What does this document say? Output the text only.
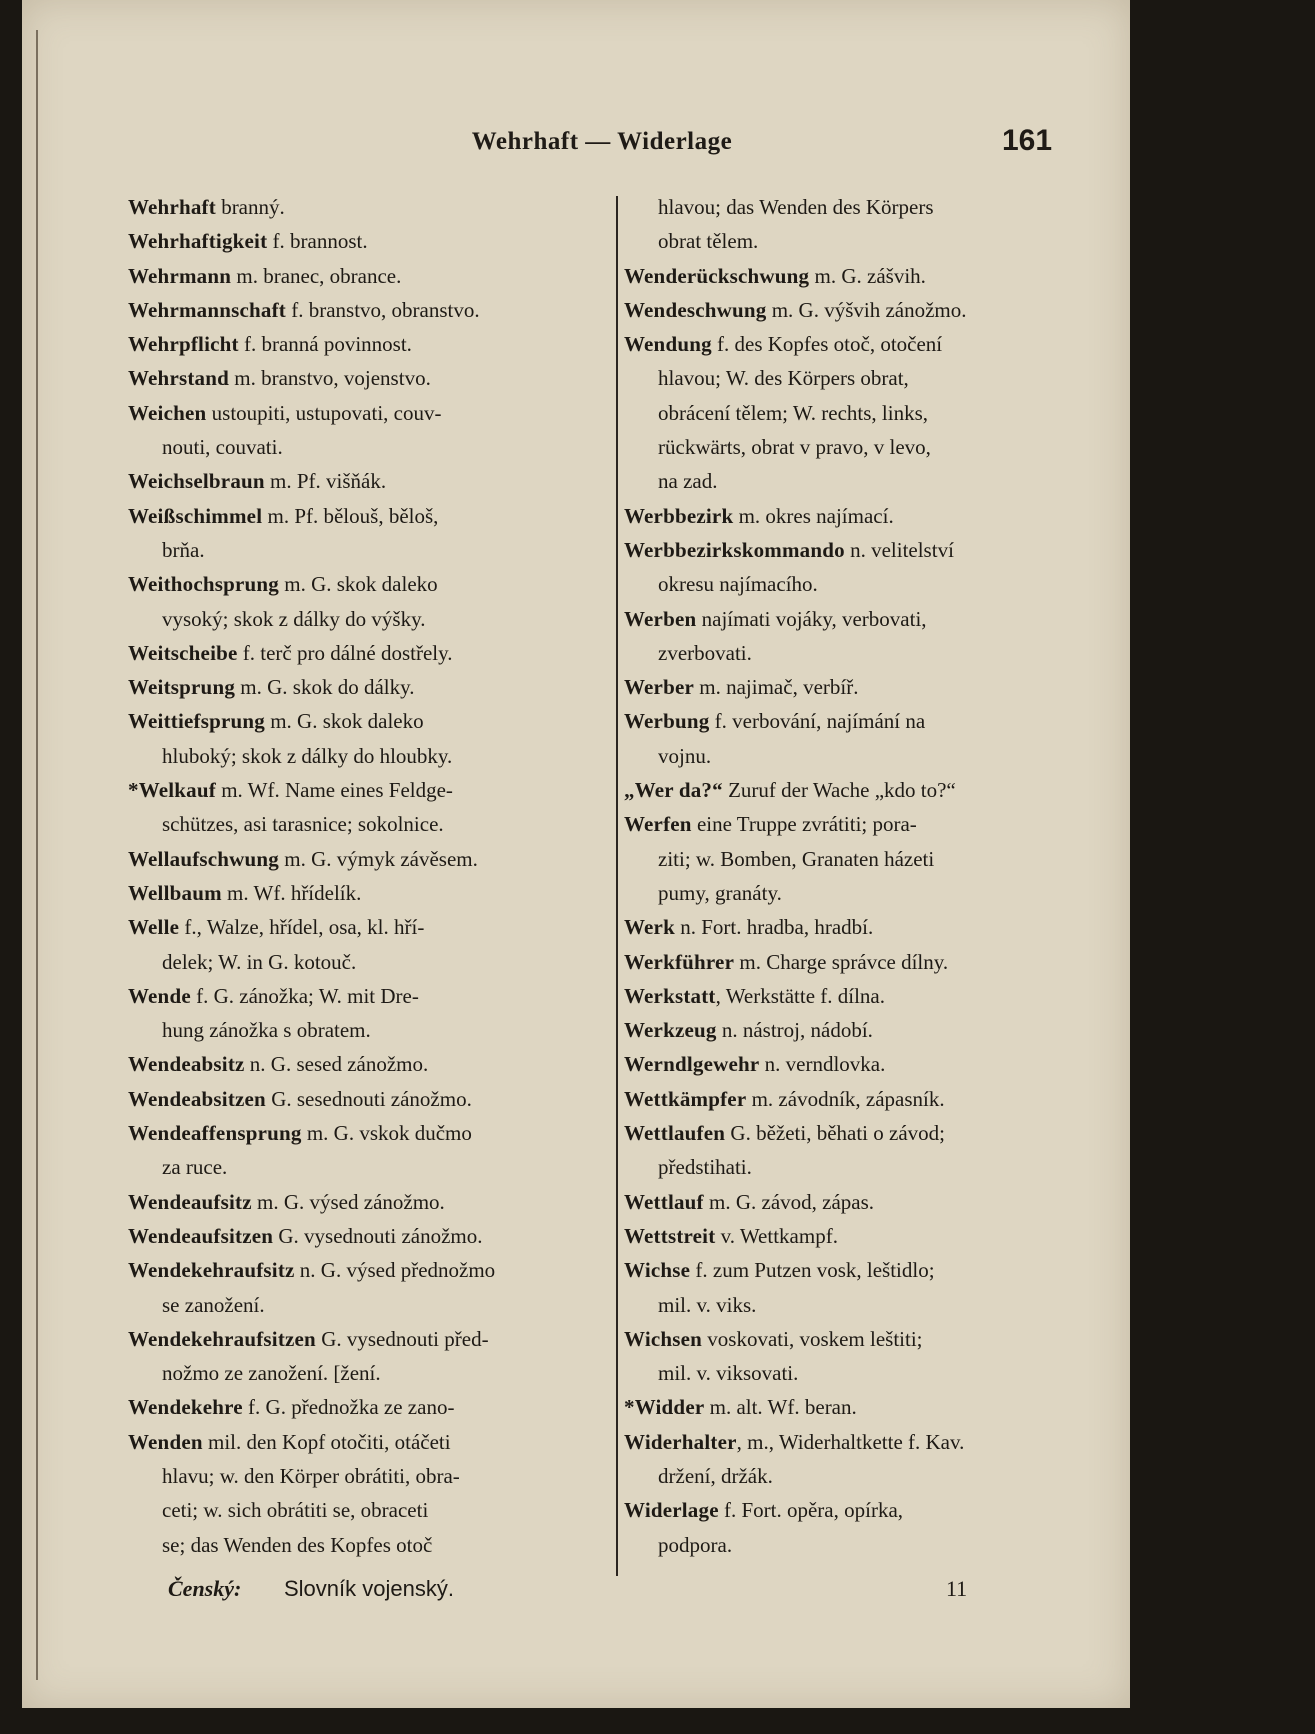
Wehrhaft — Widerlage	161
Wehrhaft branný.
Wehrhaftigkeit f. brannost.
Wehrmann m. branec, obrance.
Wehrmannschaft f. branstvo, obranstvo.
Wehrpflicht f. branná povinnost.
Wehrstand m. branstvo, vojenstvo.
Weichen ustoupiti, ustupovati, couv-
nouti, couvati.
Weichselbraun m. Pf. višňák.
Weißschimmel m. Pf. bělouš, běloš,
brňa.
Weithochsprung m. G. skok daleko
vysoký; skok z dálky do výšky.
Weitscheibe f. terč pro dálné dostřely.
Weitsprung m. G. skok do dálky.
Weittiefsprung m. G. skok daleko
hluboký; skok z dálky do hloubky.
*Welkauf m. Wf. Name eines Feldge-
schützes, asi tarasnice; sokolnice.
Wellaufschwung m. G. výmyk závěsem.
Wellbaum m. Wf. hřídelík.
Welle f., Walze, hřídel, osa, kl. hří-
delek; W. in G. kotouč.
Wende f. G. zánožka; W. mit Dre-
hung zánožka s obratem.
Wendeabsitz n. G. sesed zánožmo.
Wendeabsitzen G. sesednouti zánožmo.
Wendeaffensprung m. G. vskok dučmo
za ruce.
Wendeaufsitz m. G. výsed zánožmo.
Wendeaufsitzen G. vysednouti zánožmo.
Wendekehraufsitz n. G. výsed přednožmo
se zanožení.
Wendekehraufsitzen G. vysednouti před-
nožmo ze zanožení. [žení.
Wendekehre f. G. přednožka ze zano-
Wenden mil. den Kopf otočiti, otáčeti
hlavu; w. den Körper obrátiti, obra-
ceti; w. sich obrátiti se, obraceti
se; das Wenden des Kopfes otoč
hlavou; das Wenden des Körpers
obrat tělem.
Wenderückschwung m. G. zášvih.
Wendeschwung m. G. výšvih zánožmo.
Wendung f. des Kopfes otoč, otočení
hlavou; W. des Körpers obrat,
obrácení tělem; W. rechts, links,
rückwärts, obrat v pravo, v levo,
na zad.
Werbbezirk m. okres najímací.
Werbbezirkskommando n. velitelství
okresu najímacího.
Werben najímati vojáky, verbovati,
zverbovati.
Werber m. najimač, verbíř.
Werbung f. verbování, najímání na
vojnu.
„Wer da?“ Zuruf der Wache „kdo to?“
Werfen eine Truppe zvrátiti; pora-
ziti; w. Bomben, Granaten házeti
pumy, granáty.
Werk n. Fort. hradba, hradbí.
Werkführer m. Charge správce dílny.
Werkstatt, Werkstätte f. dílna.
Werkzeug n. nástroj, nádobí.
Werndlgewehr n. verndlovka.
Wettkämpfer m. závodník, zápasník.
Wettlaufen G. běžeti, běhati o závod;
předstihati.
Wettlauf m. G. závod, zápas.
Wettstreit v. Wettkampf.
Wichse f. zum Putzen vosk, leštidlo;
mil. v. viks.
Wichsen voskovati, voskem leštiti;
mil. v. viksovati.
*Widder m. alt. Wf. beran.
Widerhalter, m., Widerhaltkette f. Kav.
držení, držák.
Widerlage f. Fort. opěra, opírka,
podpora.
Čenský: Slovník vojenský.	11
